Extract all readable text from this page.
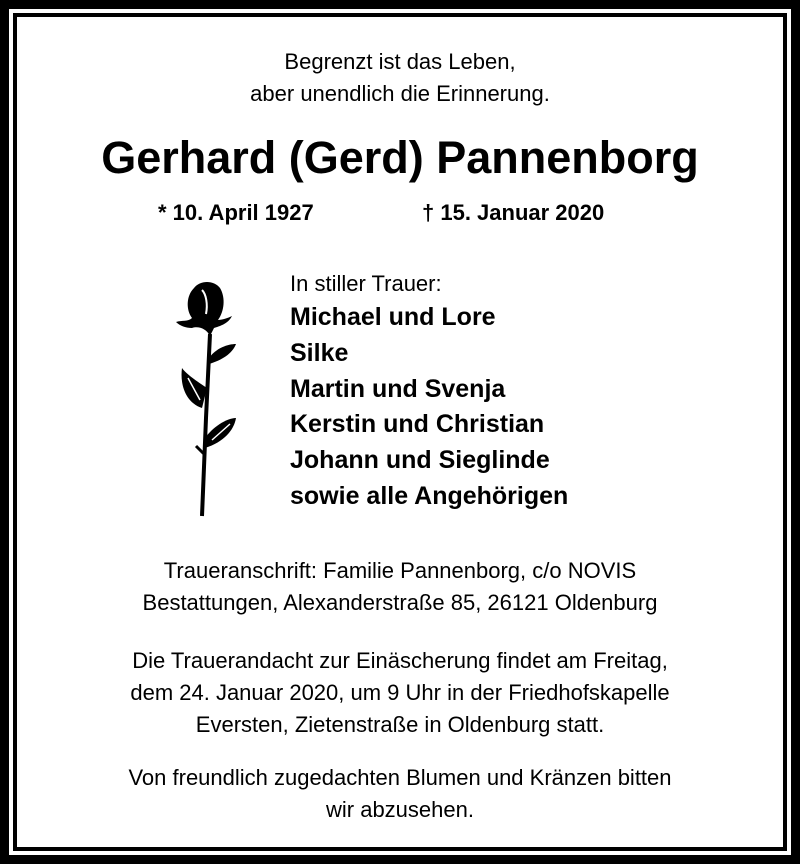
Begrenzt ist das Leben,
aber unendlich die Erinnerung.
Gerhard (Gerd) Pannenborg
* 10. April 1927	† 15. Januar 2020
In stiller Trauer:
Michael und Lore
Silke
Martin und Svenja
Kerstin und Christian
Johann und Sieglinde
sowie alle Angehörigen
Traueranschrift: Familie Pannenborg, c/o NOVIS
Bestattungen, Alexanderstraße 85, 26121 Oldenburg
Die Trauerandacht zur Einäscherung findet am Freitag,
dem 24. Januar 2020, um 9 Uhr in der Friedhofskapelle
Eversten, Zietenstraße in Oldenburg statt.
Von freundlich zugedachten Blumen und Kränzen bitten
wir abzusehen.
